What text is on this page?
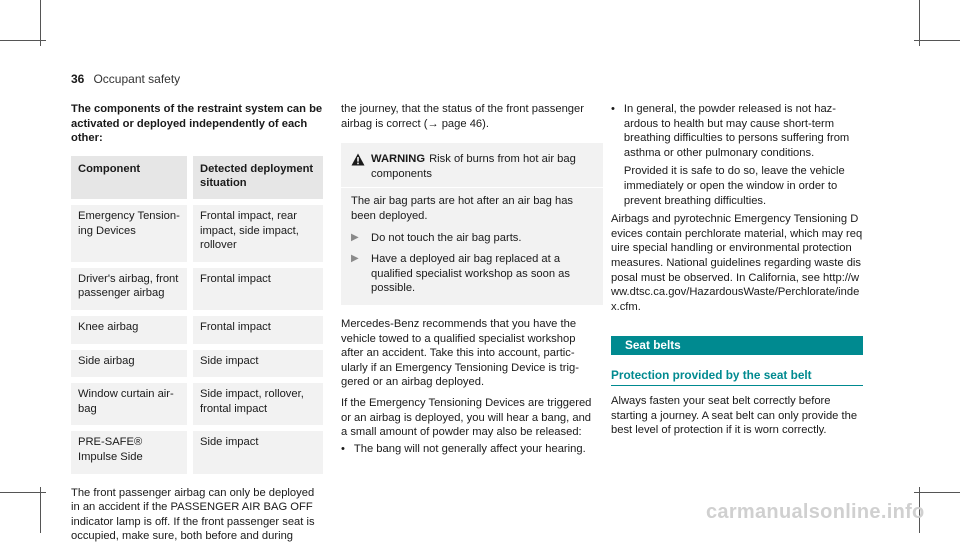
36 Occupant safety

The components of the restraint system can be activated or deployed independently of each other:

Component	Detected deployment situation
Emergency Tensioning Devices	Frontal impact, rear impact, side impact, rollover
Driver's airbag, front passenger airbag	Frontal impact
Knee airbag	Frontal impact
Side airbag	Side impact
Window curtain airbag	Side impact, rollover, frontal impact
PRE-SAFE® Impulse Side	Side impact

The front passenger airbag can only be deployed in an accident if the PASSENGER AIR BAG OFF indicator lamp is off. If the front passenger seat is occupied, make sure, both before and during

the journey, that the status of the front passenger airbag is correct (→ page 46).

WARNING Risk of burns from hot air bag components

The air bag parts are hot after an air bag has been deployed.

▶ Do not touch the air bag parts.
▶ Have a deployed air bag replaced at a qualified specialist workshop as soon as possible.

Mercedes-Benz recommends that you have the vehicle towed to a qualified specialist workshop after an accident. Take this into account, particularly if an Emergency Tensioning Device is triggered or an airbag deployed.

If the Emergency Tensioning Devices are triggered or an airbag is deployed, you will hear a bang, and a small amount of powder may also be released:

• The bang will not generally affect your hearing.
• In general, the powder released is not hazardous to health but may cause short-term breathing difficulties to persons suffering from asthma or other pulmonary conditions.

Provided it is safe to do so, leave the vehicle immediately or open the window in order to prevent breathing difficulties.

Airbags and pyrotechnic Emergency Tensioning Devices contain perchlorate material, which may require special handling or environmental protection measures. National guidelines regarding waste disposal must be observed. In California, see http://www.dtsc.ca.gov/HazardousWaste/Perchlorate/index.cfm.

Seat belts
Protection provided by the seat belt

Always fasten your seat belt correctly before starting a journey. A seat belt can only provide the best level of protection if it is worn correctly.

carmanualsonline.info
